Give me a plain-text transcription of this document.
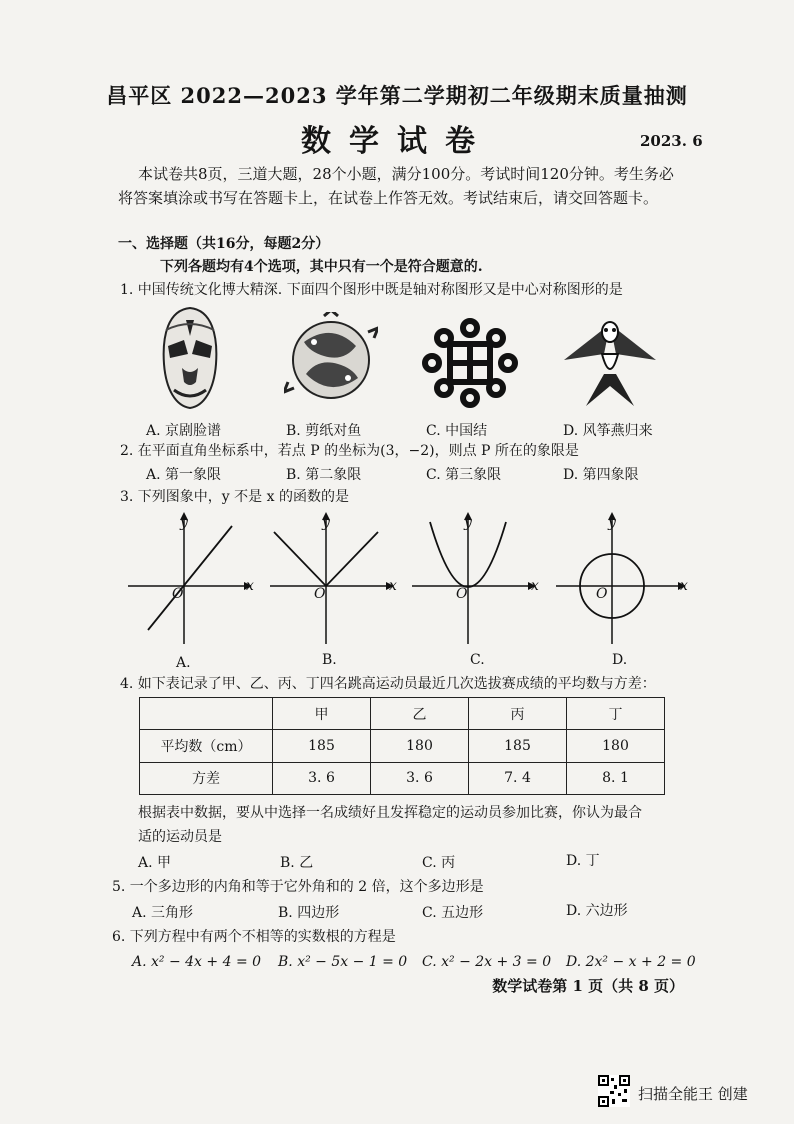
昌平区 2022—2023 学年第二学期初二年级期末质量抽测
数学试卷	2023. 6
本试卷共8页，三道大题，28个小题，满分100分。考试时间120分钟。考生务必
将答案填涂或书写在答题卡上，在试卷上作答无效。考试结束后，请交回答题卡。
一、选择题（共16分，每题2分）
下列各题均有4个选项，其中只有一个是符合题意的.
1. 中国传统文化博大精深. 下面四个图形中既是轴对称图形又是中心对称图形的是
A. 京剧脸谱	B. 剪纸对鱼	C. 中国结	D. 风筝燕归来
2. 在平面直角坐标系中，若点 P 的坐标为(3，−2)，则点 P 所在的象限是
A. 第一象限	B. 第二象限	C. 第三象限	D. 第四象限
3. 下列图象中，y 不是 x 的函数的是
y
x
O
y
x
O
y
x
O
y
x
O
A.	B.	C.	D.
4. 如下表记录了甲、乙、丙、丁四名跳高运动员最近几次选拔赛成绩的平均数与方差：
	甲	乙	丙	丁
平均数（cm）	185	180	185	180
方差	3. 6	3. 6	7. 4	8. 1
根据表中数据，要从中选择一名成绩好且发挥稳定的运动员参加比赛，你认为最合
适的运动员是
A. 甲	B. 乙	C. 丙	D. 丁
5. 一个多边形的内角和等于它外角和的 2 倍，这个多边形是
A. 三角形	B. 四边形	C. 五边形	D. 六边形
6. 下列方程中有两个不相等的实数根的方程是
A. x² − 4x + 4 = 0 B. x² − 5x − 1 = 0 C. x² − 2x + 3 = 0 D. 2x² − x + 2 = 0
数学试卷第 1 页（共 8 页）
扫描全能王 创建
